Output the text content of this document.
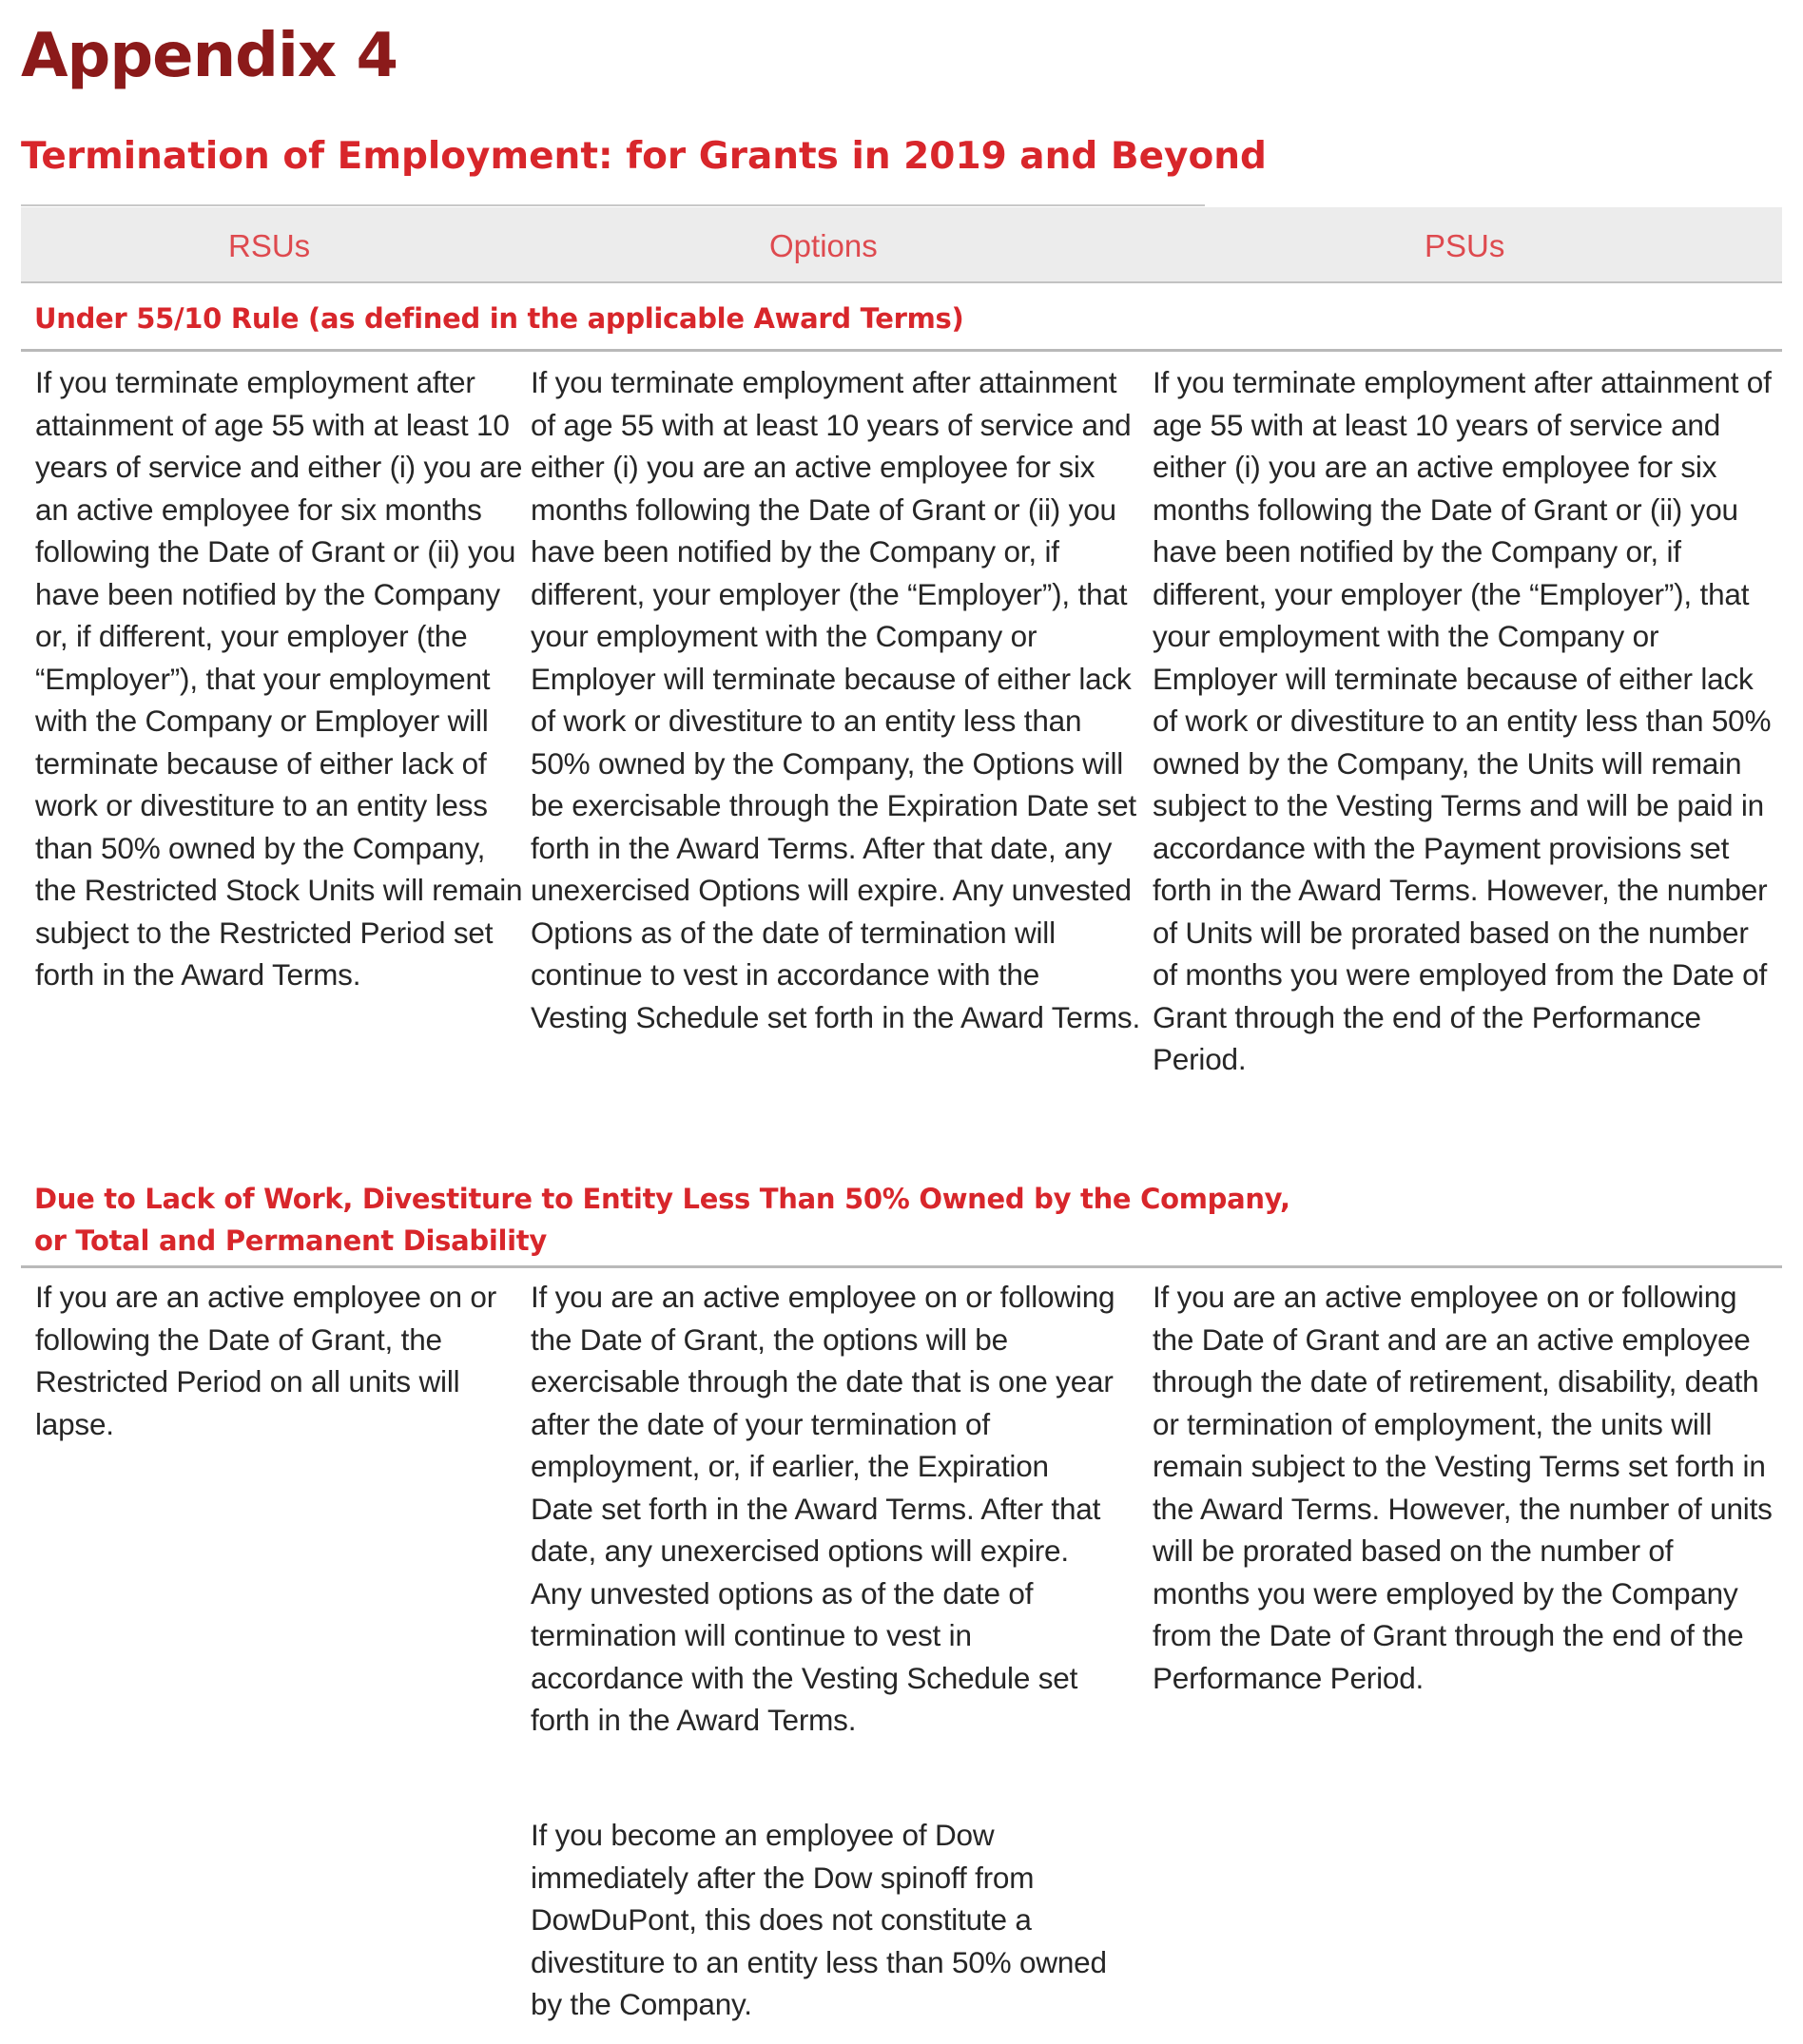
Appendix 4
Termination of Employment: for Grants in 2019 and Beyond
RSUs	Options	PSUs
Under 55/10 Rule (as defined in the applicable Award Terms)

If you terminate employment after attainment of age 55 with at least 10 years of service and either (i) you are an active employee for six months following the Date of Grant or (ii) you have been notified by the Company or, if different, your employer (the “Employer”), that your employment with the Company or Employer will terminate because of either lack of work or divestiture to an entity less than 50% owned by the Company, the Restricted Stock Units will remain subject to the Restricted Period set forth in the Award Terms.

If you terminate employment after attainment of age 55 with at least 10 years of service and either (i) you are an active employee for six months following the Date of Grant or (ii) you have been notified by the Company or, if different, your employer (the “Employer”), that your employment with the Company or Employer will terminate because of either lack of work or divestiture to an entity less than 50% owned by the Company, the Options will be exercisable through the Expiration Date set forth in the Award Terms. After that date, any unexercised Options will expire. Any unvested Options as of the date of termination will continue to vest in accordance with the Vesting Schedule set forth in the Award Terms.

If you terminate employment after attainment of age 55 with at least 10 years of service and either (i) you are an active employee for six months following the Date of Grant or (ii) you have been notified by the Company or, if different, your employer (the “Employer”), that your employment with the Company or Employer will terminate because of either lack of work or divestiture to an entity less than 50% owned by the Company, the Units will remain subject to the Vesting Terms and will be paid in accordance with the Payment provisions set forth in the Award Terms. However, the number of Units will be prorated based on the number of months you were employed from the Date of Grant through the end of the Performance Period.

Due to Lack of Work, Divestiture to Entity Less Than 50% Owned by the Company,
or Total and Permanent Disability

If you are an active employee on or following the Date of Grant, the Restricted Period on all units will lapse.

If you are an active employee on or following the Date of Grant, the options will be exercisable through the date that is one year after the date of your termination of employment, or, if earlier, the Expiration Date set forth in the Award Terms. After that date, any unexercised options will expire. Any unvested options as of the date of termination will continue to vest in accordance with the Vesting Schedule set forth in the Award Terms.

If you become an employee of Dow immediately after the Dow spinoff from DowDuPont, this does not constitute a divestiture to an entity less than 50% owned by the Company.

If you are an active employee on or following the Date of Grant and are an active employee through the date of retirement, disability, death or termination of employment, the units will remain subject to the Vesting Terms set forth in the Award Terms. However, the number of units will be prorated based on the number of months you were employed by the Company from the Date of Grant through the end of the Performance Period.
